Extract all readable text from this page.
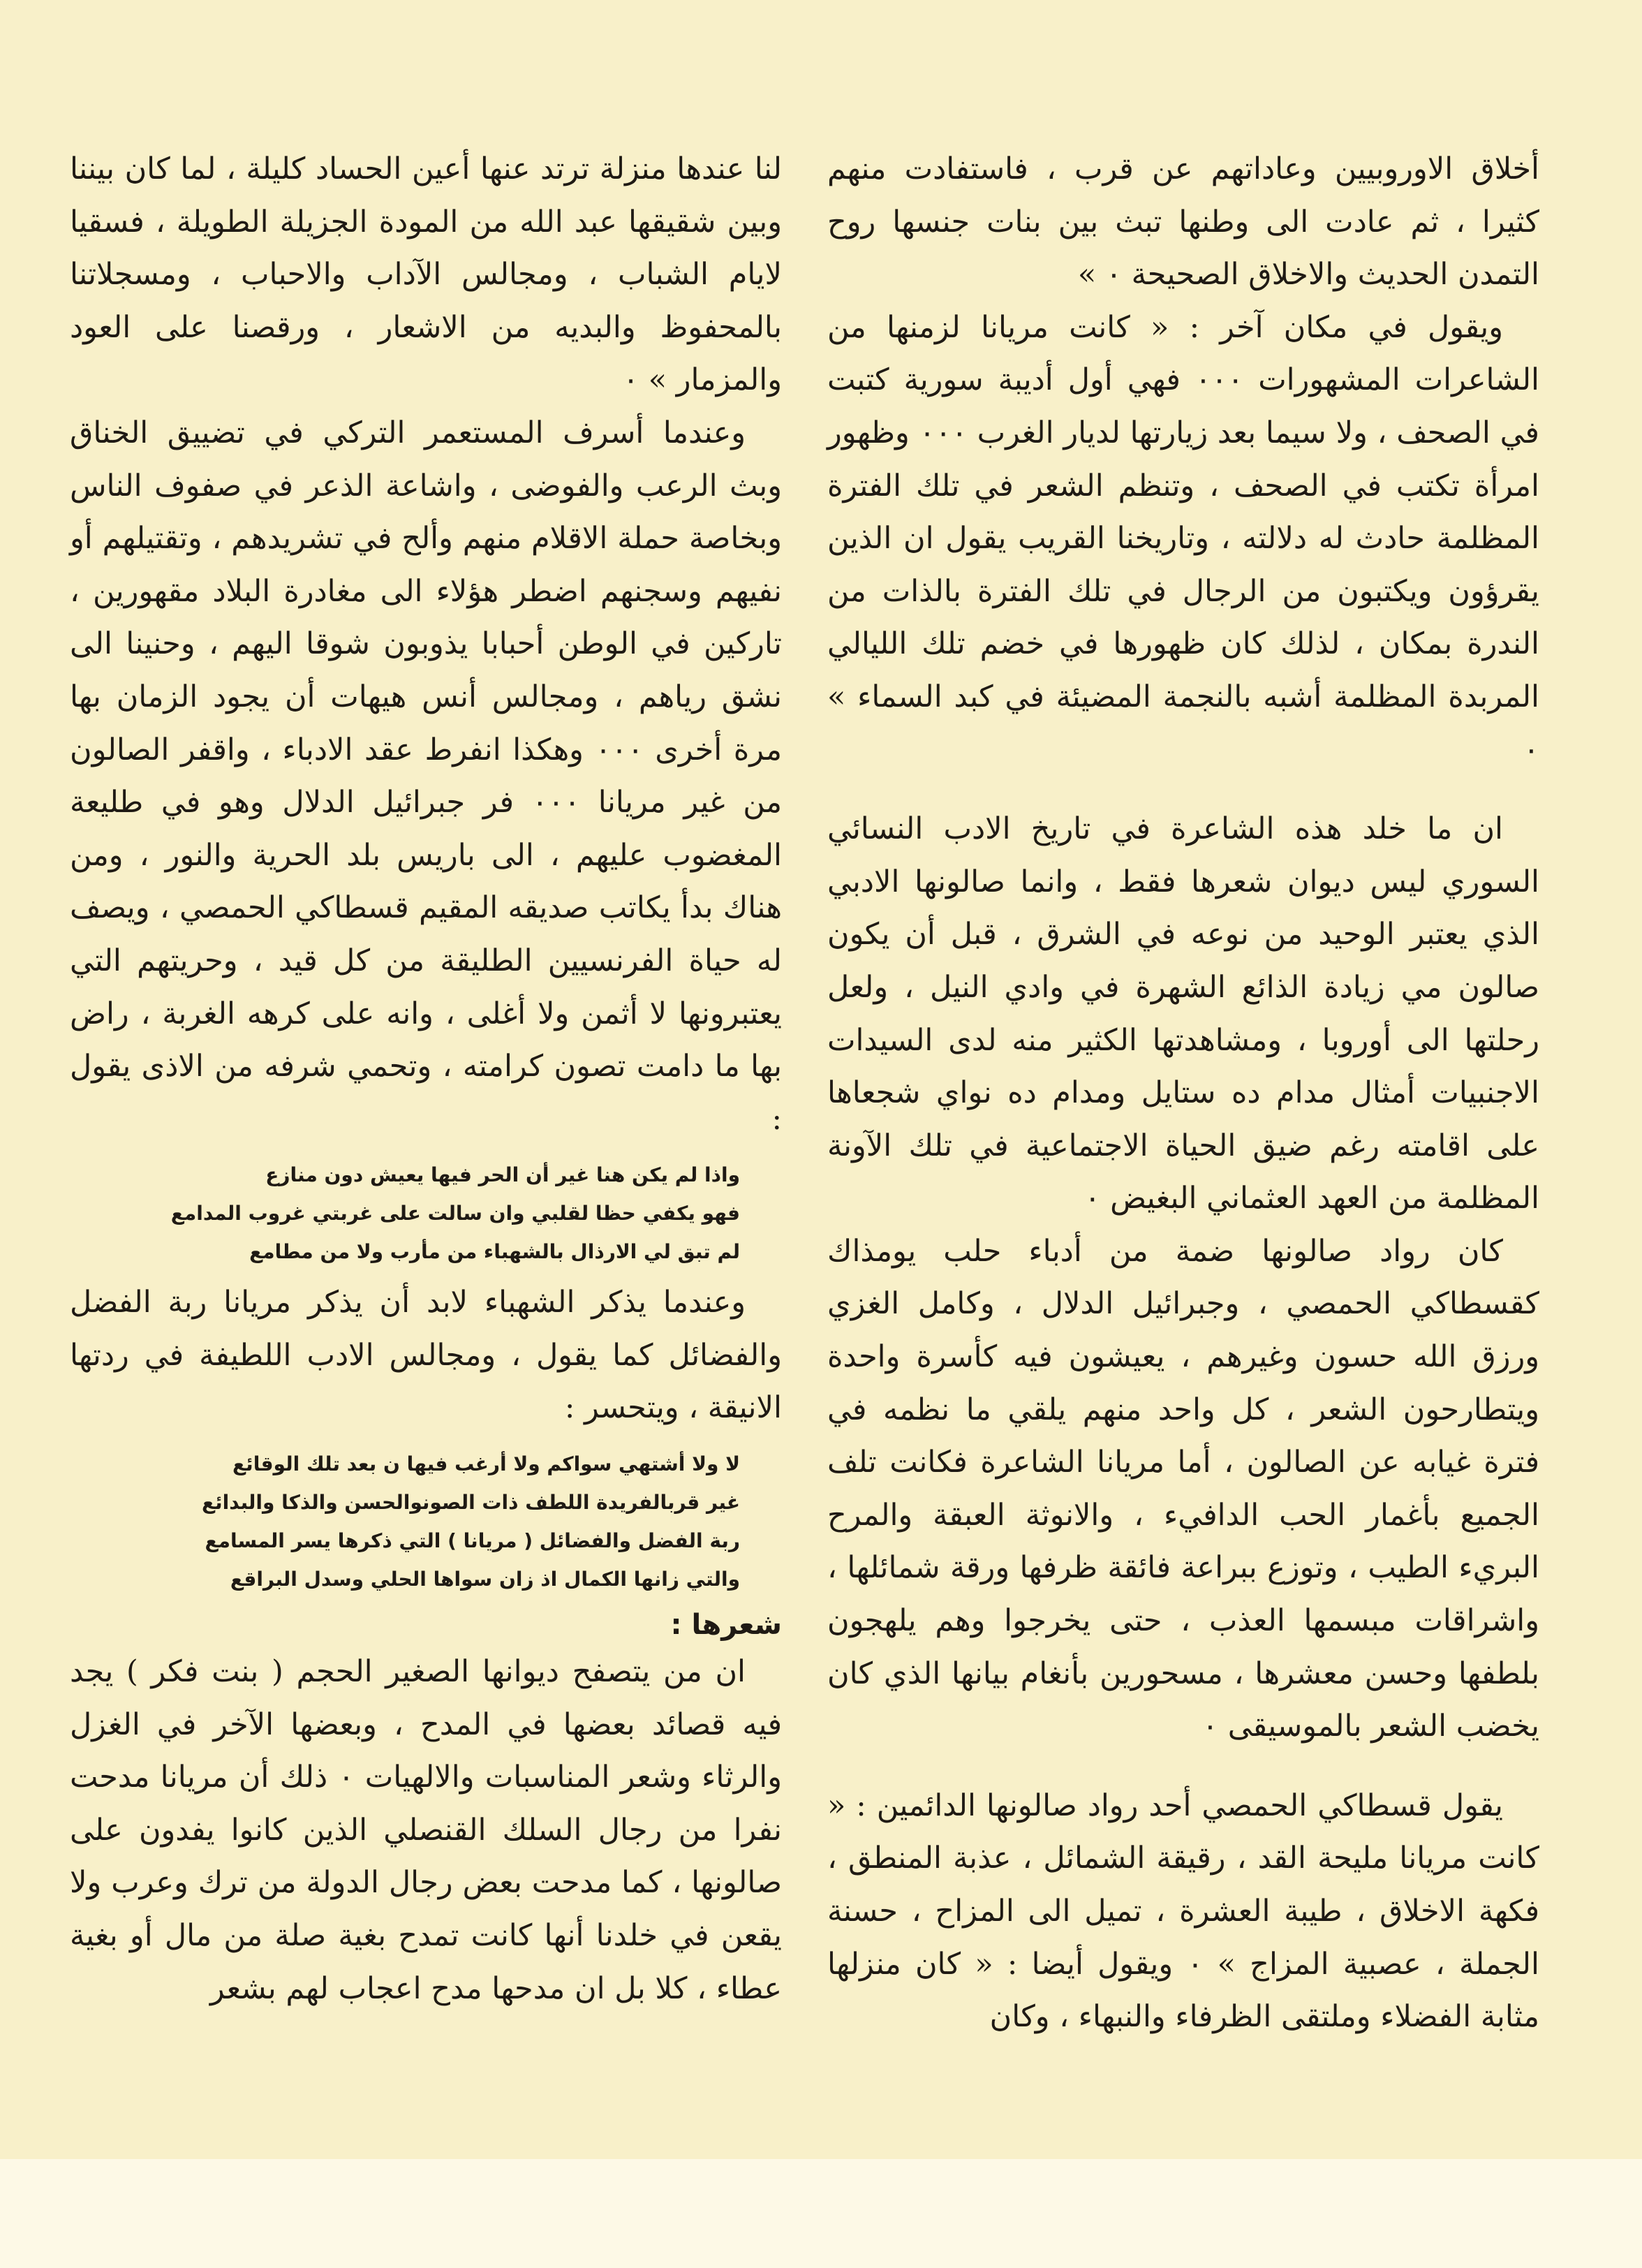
أخلاق الاوروبيين وعاداتهم عن قرب ، فاستفادت منهم كثيرا ، ثم عادت الى وطنها تبث بين بنات جنسها روح التمدن الحديث والاخلاق الصحيحة ٠ »

ويقول في مكان آخر : « كانت مريانا لزمنها من الشاعرات المشهورات ٠٠٠ فهي أول أديبة سورية كتبت في الصحف ، ولا سيما بعد زيارتها لديار الغرب ٠٠٠ وظهور امرأة تكتب في الصحف ، وتنظم الشعر في تلك الفترة المظلمة حادث له دلالته ، وتاريخنا القريب يقول ان الذين يقرؤون ويكتبون من الرجال في تلك الفترة بالذات من الندرة بمكان ، لذلك كان ظهورها في خضم تلك الليالي المربدة المظلمة أشبه بالنجمة المضيئة في كبد السماء » ٠

ان ما خلد هذه الشاعرة في تاريخ الادب النسائي السوري ليس ديوان شعرها فقط ، وانما صالونها الادبي الذي يعتبر الوحيد من نوعه في الشرق ، قبل أن يكون صالون مي زيادة الذائع الشهرة في وادي النيل ، ولعل رحلتها الى أوروبا ، ومشاهدتها الكثير منه لدى السيدات الاجنبيات أمثال مدام ده ستايل ومدام ده نواي شجعاها على اقامته رغم ضيق الحياة الاجتماعية في تلك الآونة المظلمة من العهد العثماني البغيض ٠

كان رواد صالونها ضمة من أدباء حلب يومذاك كقسطاكي الحمصي ، وجبرائيل الدلال ، وكامل الغزي ورزق الله حسون وغيرهم ، يعيشون فيه كأسرة واحدة ويتطارحون الشعر ، كل واحد منهم يلقي ما نظمه في فترة غيابه عن الصالون ، أما مريانا الشاعرة فكانت تلف الجميع بأغمار الحب الدافيء ، والانوثة العبقة والمرح البريء الطيب ، وتوزع ببراعة فائقة ظرفها ورقة شمائلها ، واشراقات مبسمها العذب ، حتى يخرجوا وهم يلهجون بلطفها وحسن معشرها ، مسحورين بأنغام بيانها الذي كان يخضب الشعر بالموسيقى ٠

يقول قسطاكي الحمصي أحد رواد صالونها الدائمين : « كانت مريانا مليحة القد ، رقيقة الشمائل ، عذبة المنطق ، فكهة الاخلاق ، طيبة العشرة ، تميل الى المزاح ، حسنة الجملة ، عصبية المزاج » ٠ ويقول أيضا : « كان منزلها مثابة الفضلاء وملتقى الظرفاء والنبهاء ، وكان

لنا عندها منزلة ترتد عنها أعين الحساد كليلة ، لما كان بيننا وبين شقيقها عبد الله من المودة الجزيلة الطويلة ، فسقيا لايام الشباب ، ومجالس الآداب والاحباب ، ومسجلاتنا بالمحفوظ والبديه من الاشعار ، ورقصنا على العود والمزمار » ٠

وعندما أسرف المستعمر التركي في تضييق الخناق وبث الرعب والفوضى ، واشاعة الذعر في صفوف الناس وبخاصة حملة الاقلام منهم وألح في تشريدهم ، وتقتيلهم أو نفيهم وسجنهم اضطر هؤلاء الى مغادرة البلاد مقهورين ، تاركين في الوطن أحبابا يذوبون شوقا اليهم ، وحنينا الى نشق رياهم ، ومجالس أنس هيهات أن يجود الزمان بها مرة أخرى ٠٠٠ وهكذا انفرط عقد الادباء ، واقفر الصالون من غير مريانا ٠٠٠ فر جبرائيل الدلال وهو في طليعة المغضوب عليهم ، الى باريس بلد الحرية والنور ، ومن هناك بدأ يكاتب صديقه المقيم قسطاكي الحمصي ، ويصف له حياة الفرنسيين الطليقة من كل قيد ، وحريتهم التي يعتبرونها لا أثمن ولا أغلى ، وانه على كرهه الغربة ، راض بها ما دامت تصون كرامته ، وتحمي شرفه من الاذى يقول :

واذا لم يكن هنا غير أن الحر فيها يعيش دون منازع
فهو يكفي حظا لقلبي وان سالت على غربتي غروب المدامع
لم تبق لي الارذال بالشهباء من مأرب ولا من مطامع

وعندما يذكر الشهباء لابد أن يذكر مريانا ربة الفضل والفضائل كما يقول ، ومجالس الادب اللطيفة في ردتها الانيقة ، ويتحسر :

لا ولا أشتهي سواكم ولا أرغب فيها ن بعد تلك الوقائع
غير قربالفريدة اللطف ذات الصونوالحسن والذكا والبدائع
ربة الفضل والفضائل ( مريانا ) التي ذكرها يسر المسامع
والتي زانها الكمال اذ زان سواها الحلي وسدل البراقع
شعرها :

ان من يتصفح ديوانها الصغير الحجم ( بنت فكر ) يجد فيه قصائد بعضها في المدح ، وبعضها الآخر في الغزل والرثاء وشعر المناسبات والالهيات ٠ ذلك أن مريانا مدحت نفرا من رجال السلك القنصلي الذين كانوا يفدون على صالونها ، كما مدحت بعض رجال الدولة من ترك وعرب ولا يقعن في خلدنا أنها كانت تمدح بغية صلة من مال أو بغية عطاء ، كلا بل ان مدحها مدح اعجاب لهم بشعر
